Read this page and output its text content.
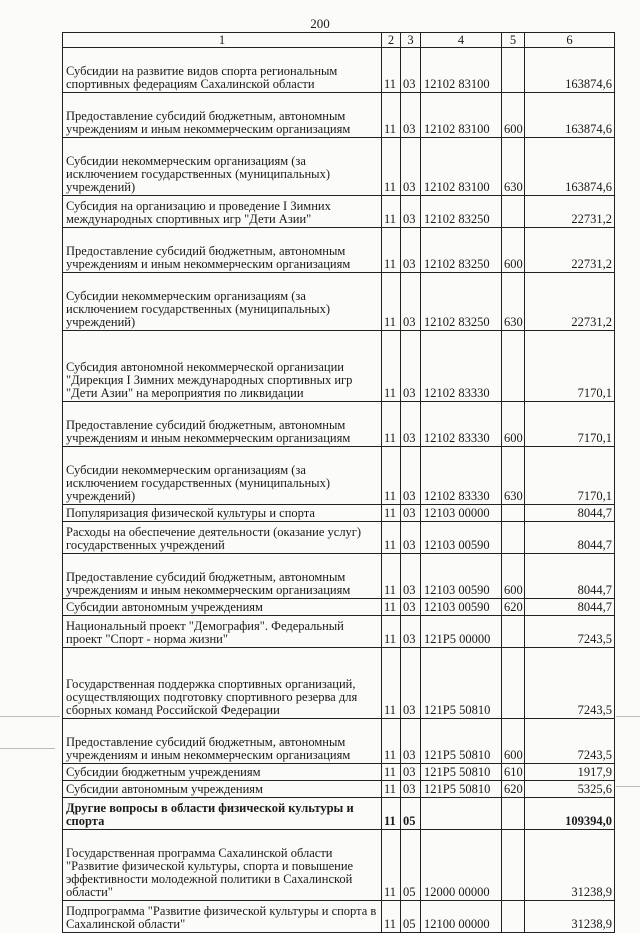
200
1	2	3	4	5	6
Субсидии на развитие видов спорта региональным спортивных федерациям Сахалинской области	11	03	12102 83100		163874,6
Предоставление субсидий бюджетным, автономным учреждениям и иным некоммерческим организациям	11	03	12102 83100	600	163874,6
Субсидии некоммерческим организациям (за исключением государственных (муниципальных) учреждений)	11	03	12102 83100	630	163874,6
Субсидия на организацию и проведение I Зимних международных спортивных игр "Дети Азии"	11	03	12102 83250		22731,2
Предоставление субсидий бюджетным, автономным учреждениям и иным некоммерческим организациям	11	03	12102 83250	600	22731,2
Субсидии некоммерческим организациям (за исключением государственных (муниципальных) учреждений)	11	03	12102 83250	630	22731,2
Субсидия автономной некоммерческой организации "Дирекция I Зимних международных спортивных игр "Дети Азии" на мероприятия по ликвидации	11	03	12102 83330		7170,1
Предоставление субсидий бюджетным, автономным учреждениям и иным некоммерческим организациям	11	03	12102 83330	600	7170,1
Субсидии некоммерческим организациям (за исключением государственных (муниципальных) учреждений)	11	03	12102 83330	630	7170,1
Популяризация физической культуры и спорта	11	03	12103 00000		8044,7
Расходы на обеспечение деятельности (оказание услуг) государственных учреждений	11	03	12103 00590		8044,7
Предоставление субсидий бюджетным, автономным учреждениям и иным некоммерческим организациям	11	03	12103 00590	600	8044,7
Субсидии автономным учреждениям	11	03	12103 00590	620	8044,7
Национальный проект "Демография". Федеральный проект "Спорт - норма жизни"	11	03	121P5 00000		7243,5
Государственная поддержка спортивных организаций, осуществляющих подготовку спортивного резерва для сборных команд Российской Федерации	11	03	121P5 50810		7243,5
Предоставление субсидий бюджетным, автономным учреждениям и иным некоммерческим организациям	11	03	121P5 50810	600	7243,5
Субсидии бюджетным учреждениям	11	03	121P5 50810	610	1917,9
Субсидии автономным учреждениям	11	03	121P5 50810	620	5325,6
Другие вопросы в области физической культуры и спорта	11	05			109394,0
Государственная программа Сахалинской области "Развитие физической культуры, спорта и повышение эффективности молодежной политики в Сахалинской области"	11	05	12000 00000		31238,9
Подпрограмма "Развитие физической культуры и спорта в Сахалинской области"	11	05	12100 00000		31238,9
